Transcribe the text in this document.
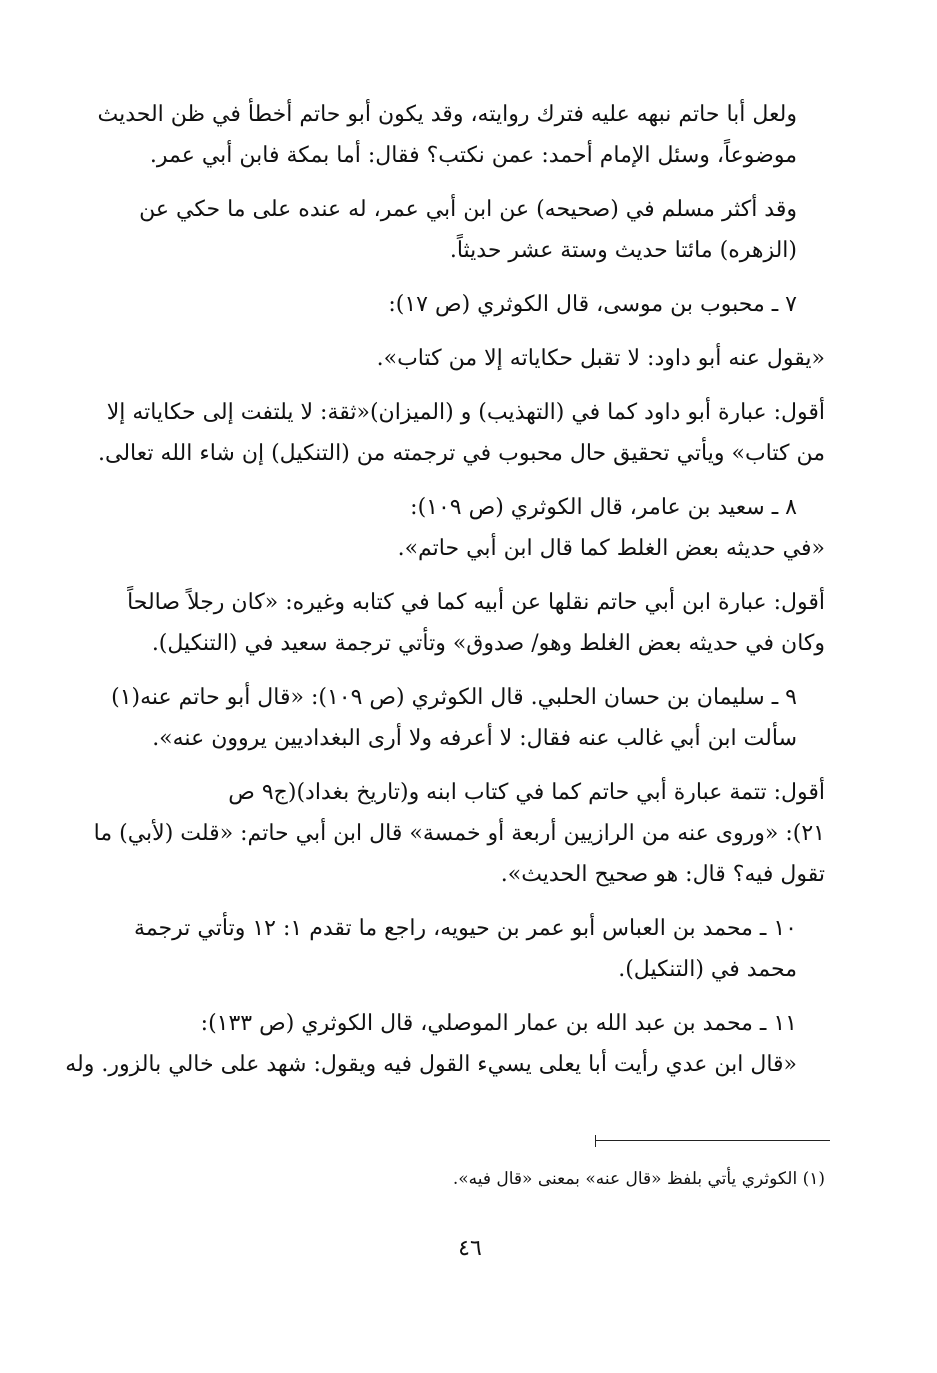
ولعل أبا حاتم نبهه عليه فترك روايته، وقد يكون أبو حاتم أخطأ في ظن الحديث
موضوعاً، وسئل الإمام أحمد: عمن نكتب؟ فقال: أما بمكة فابن أبي عمر.

وقد أكثر مسلم في (صحيحه) عن ابن أبي عمر، له عنده على ما حكي عن
(الزهره) مائتا حديث وستة عشر حديثاً.

٧ ـ محبوب بن موسى، قال الكوثري (ص ١٧):

«يقول عنه أبو داود: لا تقبل حكاياته إلا من كتاب».

أقول: عبارة أبو داود كما في (التهذيب) و (الميزان)«ثقة: لا يلتفت إلى حكاياته إلا
من كتاب» ويأتي تحقيق حال محبوب في ترجمته من (التنكيل) إن شاء الله تعالى.

٨ ـ سعيد بن عامر، قال الكوثري (ص ١٠٩):
«في حديثه بعض الغلط كما قال ابن أبي حاتم».

أقول: عبارة ابن أبي حاتم نقلها عن أبيه كما في كتابه وغيره: «كان رجلاً صالحاً
وكان في حديثه بعض الغلط وهو/ صدوق» وتأتي ترجمة سعيد في (التنكيل).

٩ ـ سليمان بن حسان الحلبي. قال الكوثري (ص ١٠٩): «قال أبو حاتم عنه(١)
سألت ابن أبي غالب عنه فقال: لا أعرفه ولا أرى البغداديين يروون عنه».

أقول: تتمة عبارة أبي حاتم كما في كتاب ابنه و(تاريخ بغداد)(ج٩ ص
٢١): «وروى عنه من الرازيين أربعة أو خمسة» قال ابن أبي حاتم: «قلت (لأبي) ما
تقول فيه؟ قال: هو صحيح الحديث».

١٠ ـ محمد بن العباس أبو عمر بن حيويه، راجع ما تقدم ١: ١٢ وتأتي ترجمة
محمد في (التنكيل).

١١ ـ محمد بن عبد الله بن عمار الموصلي، قال الكوثري (ص ١٣٣):
«قال ابن عدي رأيت أبا يعلى يسيء القول فيه ويقول: شهد على خالي بالزور. وله

(١) الكوثري يأتي بلفظ «قال عنه» بمعنى «قال فيه».
٤٦
